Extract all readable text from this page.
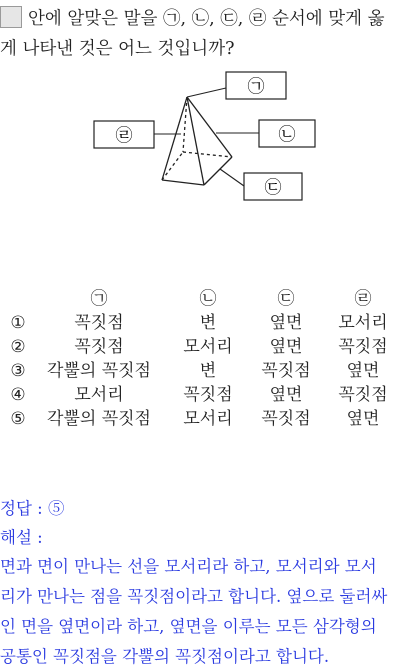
안에 알맞은 말을 ㉠, ㉡, ㉢, ㉣ 순서에 맞게 옳
게 나타낸 것은 어느 것입니까?
㉠
㉡
㉢
㉣
㉠	㉡	㉢	㉣
①	꼭짓점	변	옆면	모서리
②	꼭짓점	모서리	옆면	꼭짓점
③	각뿔의 꼭짓점	변	꼭짓점	옆면
④	모서리	꼭짓점	옆면	꼭짓점
⑤	각뿔의 꼭짓점	모서리	꼭짓점	옆면
정답 : ⑤
해설 :
면과 면이 만나는 선을 모서리라 하고, 모서리와 모서
리가 만나는 점을 꼭짓점이라고 합니다. 옆으로 둘러싸
인 면을 옆면이라 하고, 옆면을 이루는 모든 삼각형의
공통인 꼭짓점을 각뿔의 꼭짓점이라고 합니다.
